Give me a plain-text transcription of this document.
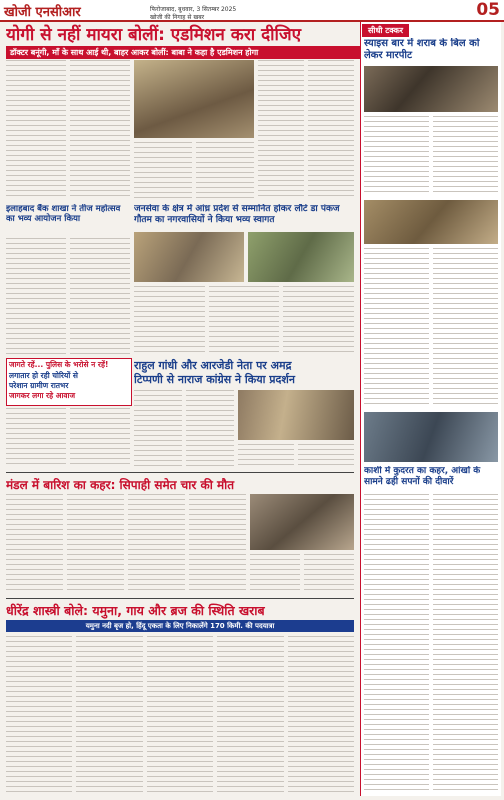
खोजी एनसीआर	फिरोजाबाद, बुधवार, 3 सितम्बर 2025
खोजी की निगाह से खबर	05
योगी से नहीं मायरा बोलीं: एडमिशन करा दीजिए
डॉक्टर बनूंगी, माँ के साथ आई थी, बाहर आकर बोलीं: बाबा ने कहा है एडमिशन होगा
इलाहबाद बैंक शाखा ने तीज महोत्सव का भव्य आयोजन किया
जनसेवा के क्षेत्र में आंध्र प्रदेश से सम्मानित होकर लौटे डा पंकज गौतम का नगरवासियों ने किया भव्य स्वागत
जागते रहें... पुलिस के भरोसे न रहें!
लगातार हो रही चोरियों से
परेशान ग्रामीण रातभर
जागकर लगा रहे आवाज
राहुल गांधी और आरजेडी नेता पर अमद्र
टिप्पणी से नाराज कांग्रेस ने किया प्रदर्शन
मंडल में बारिश का कहर: सिपाही समेत चार की मौत
धीरेंद्र शास्त्री बोले: यमुना, गाय और ब्रज की स्थिति खराब
यमुना नदी बृज हो, हिंदू एकता के लिए निकालेंगे 170 किमी. की पदयात्रा
सीधी टक्कर
स्याइस बार में शराब के बिल को लेकर मारपीट
काशी में कुदरत का कहर, आंखों के सामने ढही सपनों की दीवारें
